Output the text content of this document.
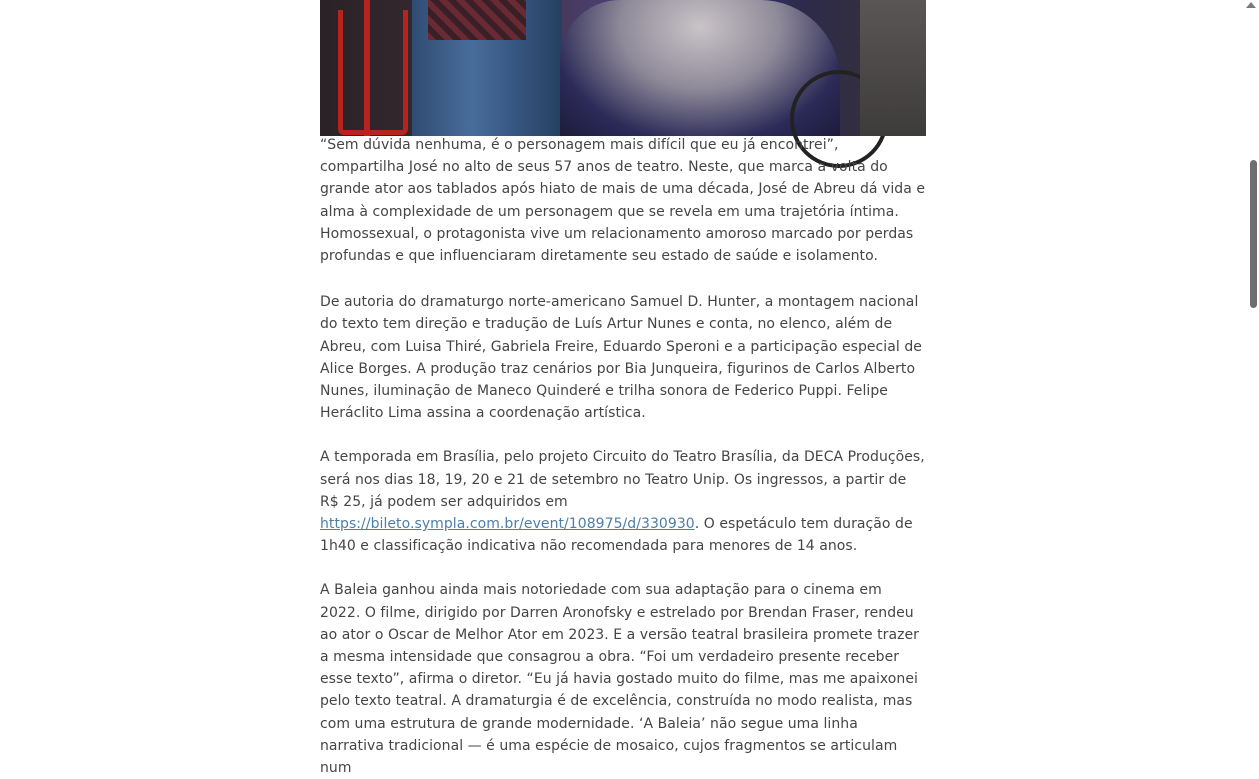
“Sem dúvida nenhuma, é o personagem mais difícil que eu já encontrei”, compartilha José no alto de seus 57 anos de teatro. Neste, que marca a volta do grande ator aos tablados após hiato de mais de uma década, José de Abreu dá vida e alma à complexidade de um personagem que se revela em uma trajetória íntima. Homossexual, o protagonista vive um relacionamento amoroso marcado por perdas profundas e que influenciaram diretamente seu estado de saúde e isolamento.

De autoria do dramaturgo norte-americano Samuel D. Hunter, a montagem nacional do texto tem direção e tradução de Luís Artur Nunes e conta, no elenco, além de Abreu, com Luisa Thiré, Gabriela Freire, Eduardo Speroni e a participação especial de Alice Borges. A produção traz cenários por Bia Junqueira, figurinos de Carlos Alberto Nunes, iluminação de Maneco Quinderé e trilha sonora de Federico Puppi. Felipe Heráclito Lima assina a coordenação artística.

A temporada em Brasília, pelo projeto Circuito do Teatro Brasília, da DECA Produções, será nos dias 18, 19, 20 e 21 de setembro no Teatro Unip. Os ingressos, a partir de R$ 25, já podem ser adquiridos em https://bileto.sympla.com.br/event/108975/d/330930. O espetáculo tem duração de 1h40 e classificação indicativa não recomendada para menores de 14 anos.

A Baleia ganhou ainda mais notoriedade com sua adaptação para o cinema em 2022. O filme, dirigido por Darren Aronofsky e estrelado por Brendan Fraser, rendeu ao ator o Oscar de Melhor Ator em 2023. E a versão teatral brasileira promete trazer a mesma intensidade que consagrou a obra. “Foi um verdadeiro presente receber esse texto”, afirma o diretor. “Eu já havia gostado muito do filme, mas me apaixonei pelo texto teatral. A dramaturgia é de excelência, construída no modo realista, mas com uma estrutura de grande modernidade. ‘A Baleia’ não segue uma linha narrativa tradicional — é uma espécie de mosaico, cujos fragmentos se articulam num
